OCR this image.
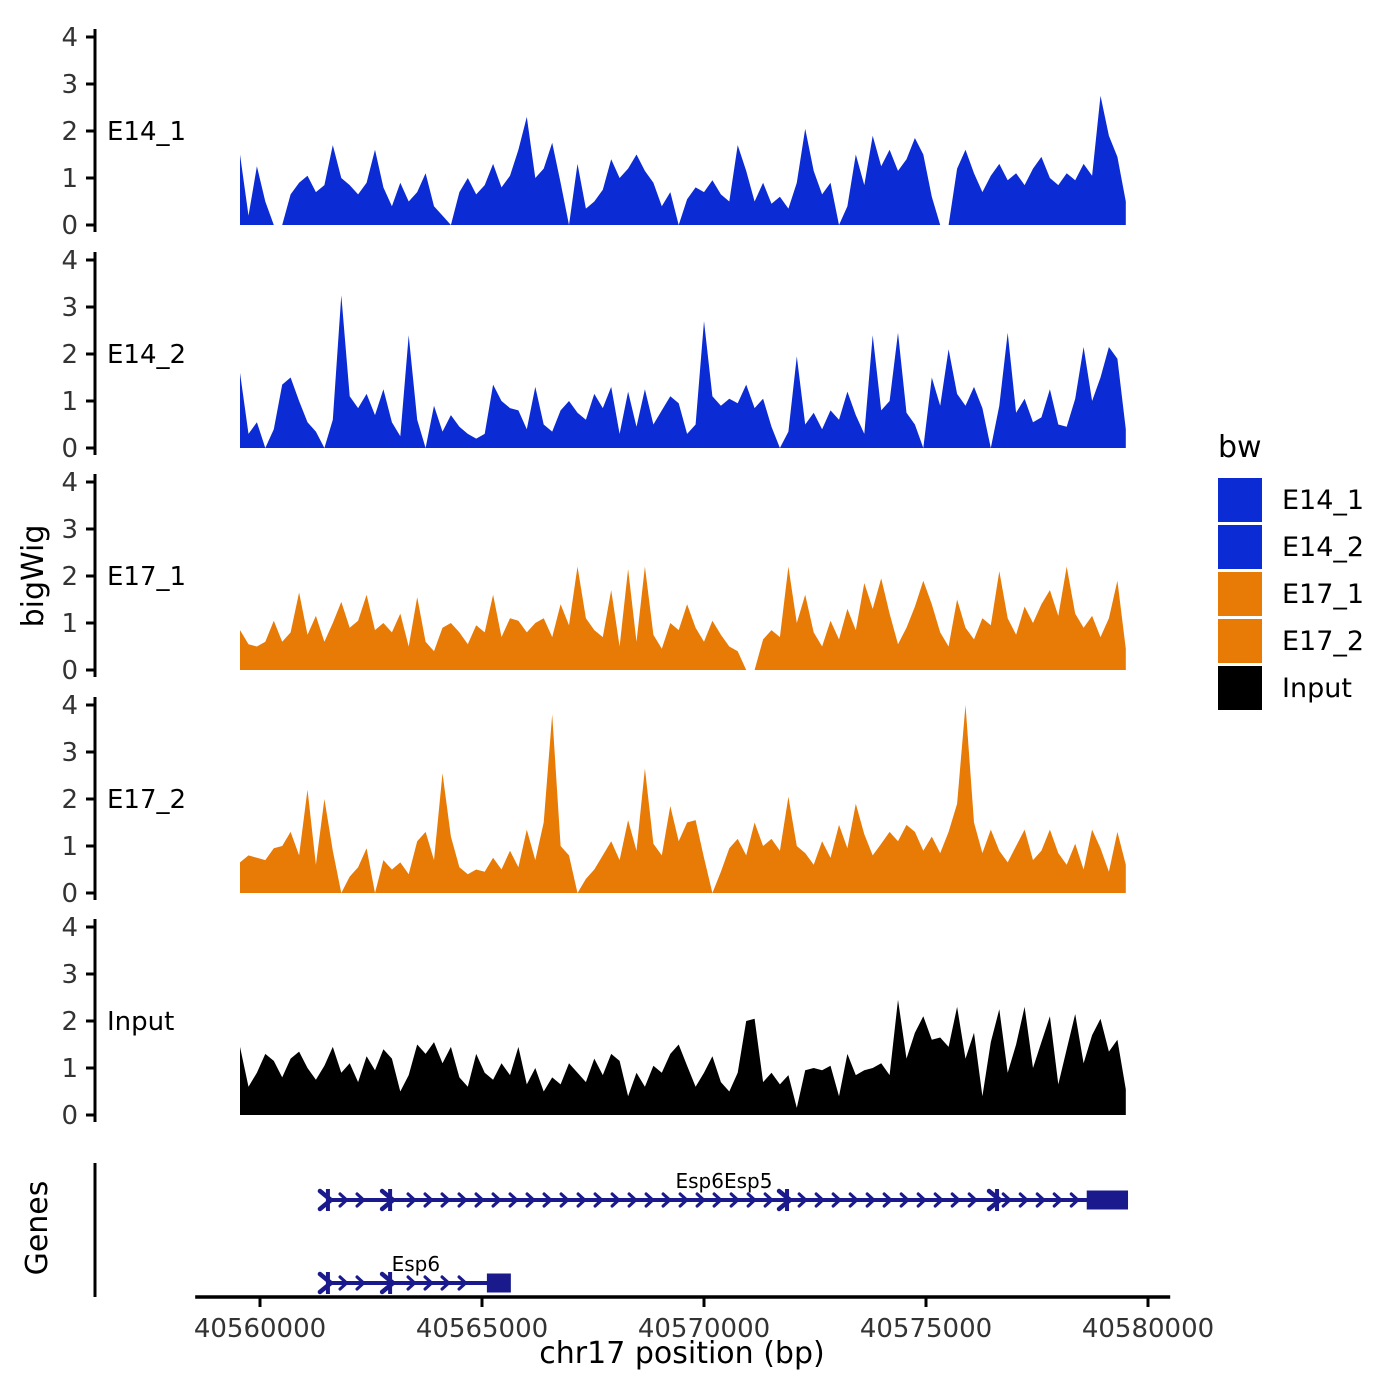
bigWig
Genes
0
1
2
3
4
E14_1
0
1
2
3
4
E14_2
0
1
2
3
4
E17_1
0
1
2
3
4
E17_2
0
1
2
3
4
Input
Esp6Esp5
Esp6
40560000	40565000	40570000	40575000	40580000
chr17 position (bp)
bw
E14_1
E14_2
E17_1
E17_2
Input
